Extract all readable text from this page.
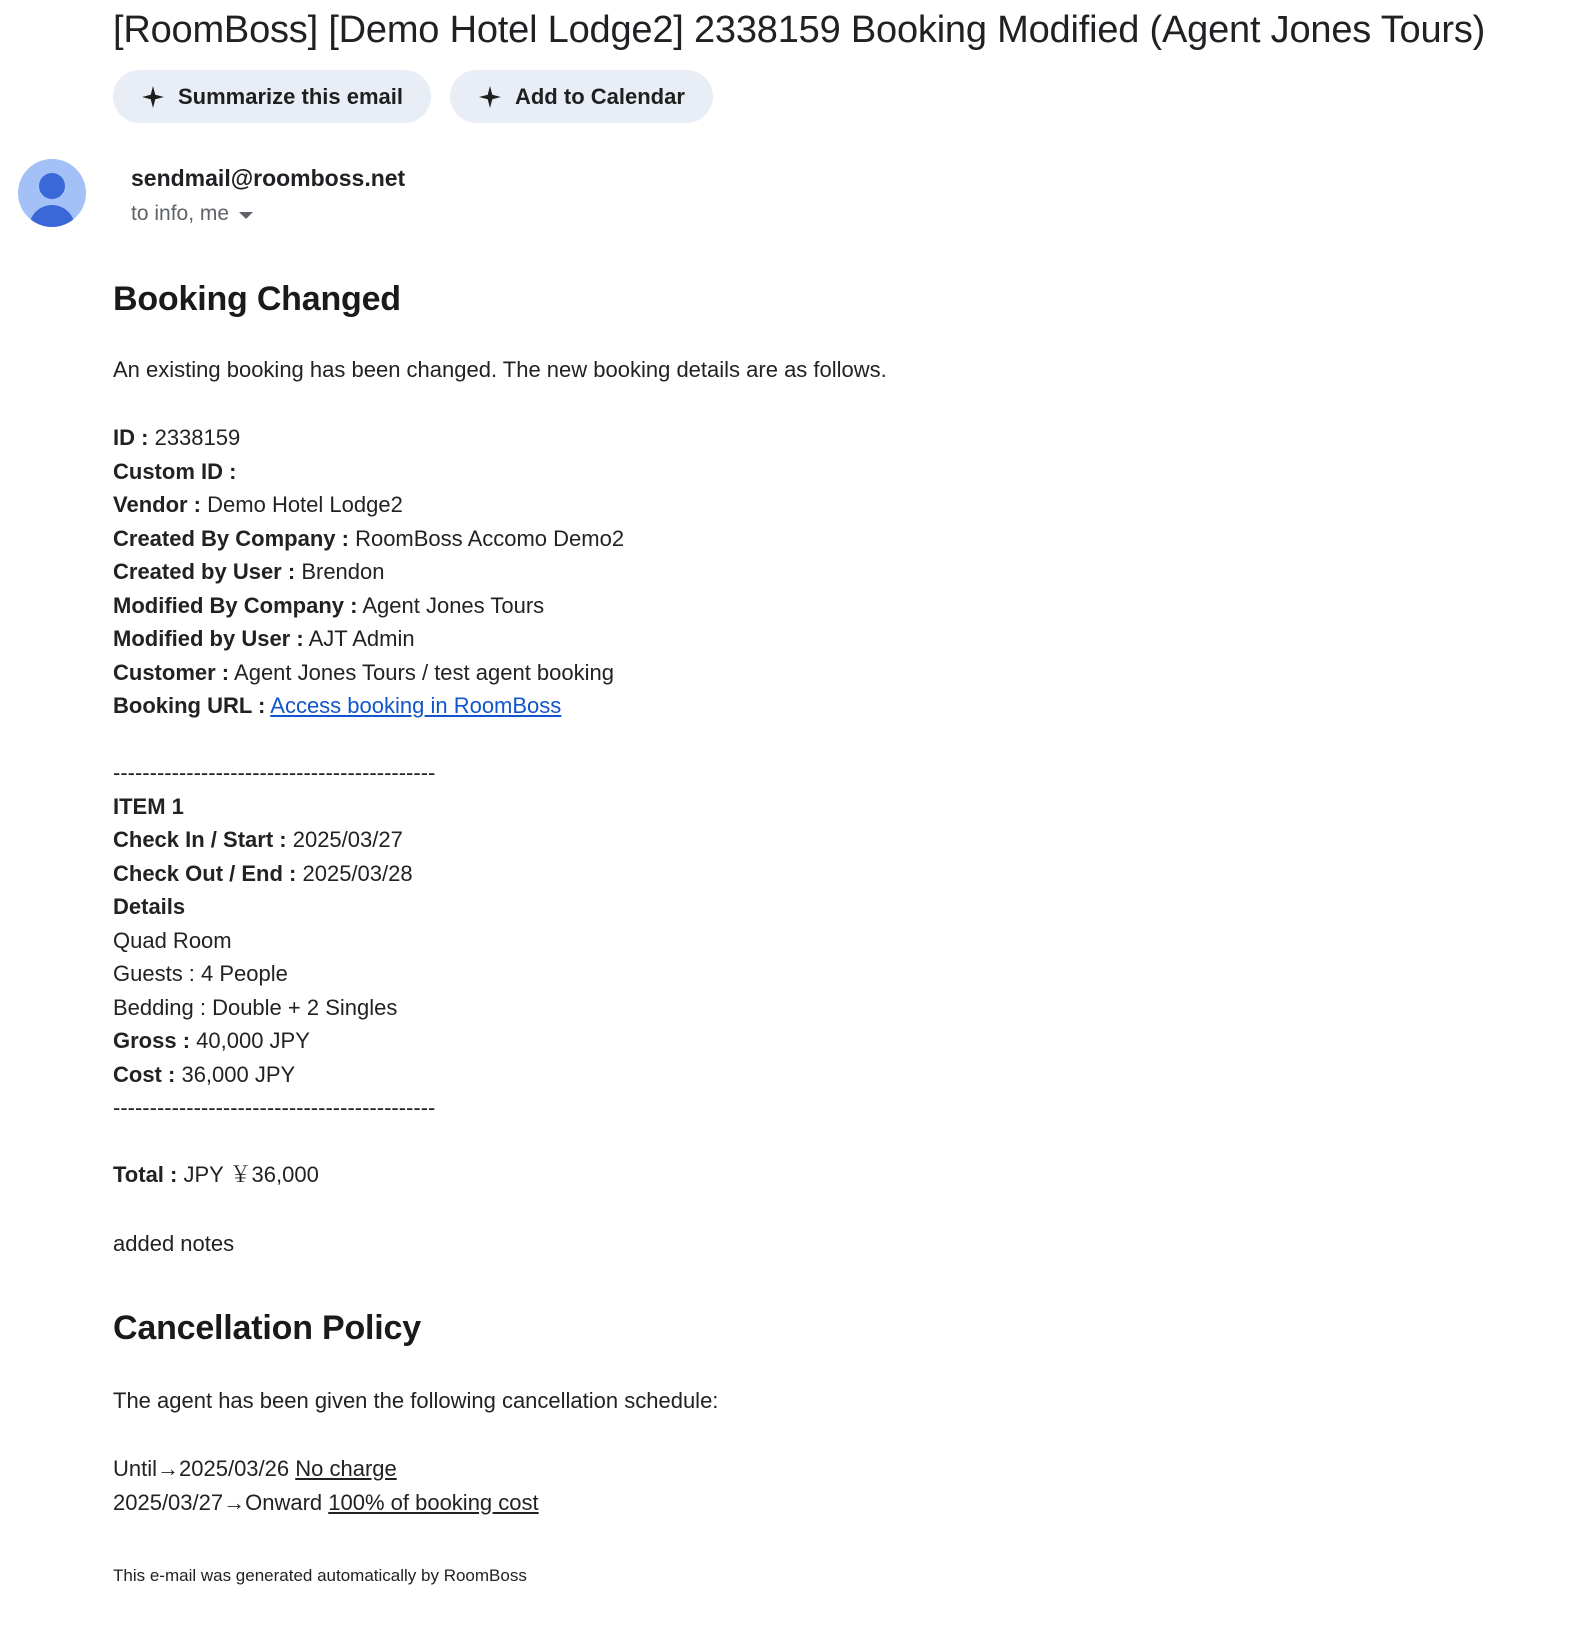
[RoomBoss] [Demo Hotel Lodge2] 2338159 Booking Modified (Agent Jones Tours)
Summarize this email	Add to Calendar
sendmail@roomboss.net
to info, me
Booking Changed
An existing booking has been changed. The new booking details are as follows.
ID : 2338159
Custom ID :
Vendor : Demo Hotel Lodge2
Created By Company : RoomBoss Accomo Demo2
Created by User : Brendon
Modified By Company : Agent Jones Tours
Modified by User : AJT Admin
Customer : Agent Jones Tours / test agent booking
Booking URL : Access booking in RoomBoss
--------------------------------------------
ITEM 1
Check In / Start : 2025/03/27
Check Out / End : 2025/03/28
Details
Quad Room
Guests : 4 People
Bedding : Double + 2 Singles
Gross : 40,000 JPY
Cost : 36,000 JPY
--------------------------------------------
Total : JPY ￥36,000
added notes
Cancellation Policy
The agent has been given the following cancellation schedule:
Until→2025/03/26 No charge
2025/03/27→Onward 100% of booking cost
This e-mail was generated automatically by RoomBoss
